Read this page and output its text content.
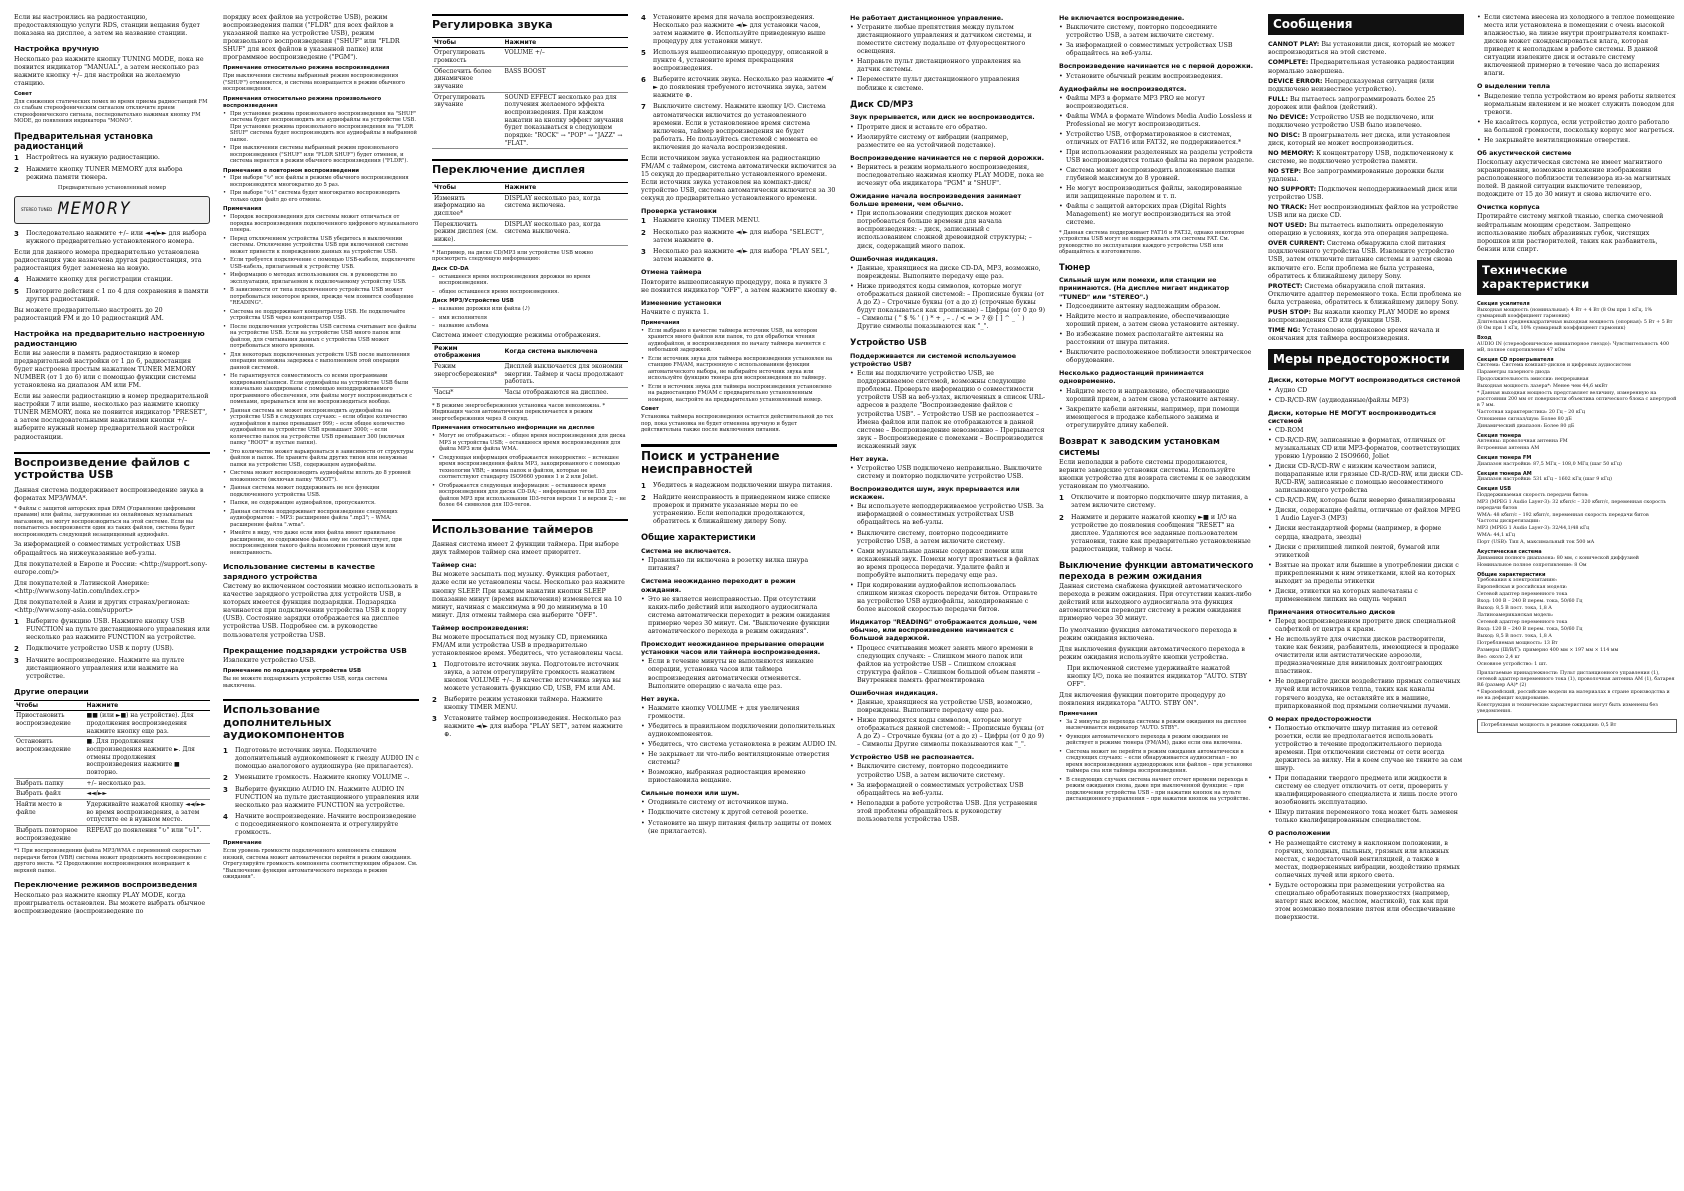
Если вы настроились на радиостанцию, предоставляющую услуги RDS, станции вещания будет показана на дисплее, а затем на название станции.

Настройка вручную

Несколько раз нажмите кнопку TUNING MODE, пока не появится индикатор "MANUAL", а затем несколько раз нажмите кнопку +/– для настройки на желаемую станцию.

Совет

Для снижения статических помех во время приема радиостанций FM со слабым стереофоническим сигналом отключите прием стереофонического сигнала, последовательно нажимая кнопку FM MODE, до появления индикатора "MONO".

Предварительная установка радиостанций
1	Настройтесь на нужную радиостанцию.
2	Нажмите кнопку TUNER MEMORY для выбора режима памяти тюнера.

Предварительно установленный номер

STEREO TUNED MEMORY
3	Последовательно нажмите +/– или ◄◄/►► для выбора нужного предварительно установленного номера.

Если для данного номера предварительно установлена радиостанция уже назначена другая радиостанция, эта радиостанция будет заменена на новую.

4	Нажмите кнопку для регистрации станции.
5	Повторите действия с 1 по 4 для сохранения в памяти других радиостанций.

Вы можете предварительно настроить до 20 радиостанций FM и до 10 радиостанций AM.

Настройка на предварительно настроенную радиостанцию

Если вы занесли в память радиостанцию в номер предварительной настройки от 1 до 6, радиостанция будет настроена простым нажатием TUNER MEMORY NUMBER (от 1 до 6) или с помощью функции системы установлена на диапазон AM или FM.

Если вы занесли радиостанцию в номер предварительной настройки 7 или выше, несколько раз нажмите кнопку TUNER MEMORY, пока не появится индикатор "PRESET", а затем последовательными нажатиями кнопки +/– выберите нужный номер предварительной настройки радиостанции.

Воспроизведение файлов с устройства USB

Данная система поддерживает воспроизведение звука в форматах MP3/WMA*.

* Файлы с защитой авторских прав DRM (Управление цифровыми правами) или файлы, загруженные из онлайновых музыкальных магазинов, не могут воспроизводиться на этой системе. Если вы попытаетесь воспроизвести один из таких файлов, система будет воспроизводить следующий незащищенный аудиофайл.

За информацией о совместимых устройствах USB обращайтесь на нижеуказанные веб-узлы.

Для покупателей в Европе и России: <http://support.sony-europe.com/>

Для покупателей в Латинской Америке: <http://www.sony-latin.com/index.crp>

Для покупателей в Азии и других странах/регионах: <http://www.sony-asia.com/support>

1	Выберите функцию USB. Нажмите кнопку USB FUNCTION на пульте дистанционного управления или несколько раз нажмите FUNCTION на устройстве.
2	Подключите устройство USB к порту (USB).
3	Начните воспроизведение. Нажмите на пульте дистанционного управления или нажмите на устройстве.
Другие операции
Чтобы	Нажмите
Приостановить воспроизведение	■■ (или ►■) на устройстве). Для продолжения воспроизведения нажмите кнопку еще раз.
Остановить воспроизведение	■. Для продолжения воспроизведения нажмите ►. Для отмены продолжения воспроизведения нажмите ■ повторно.
Выбрать папку	+/– несколько раз.
Выбрать файл	◄◄/►►
Найти место в файле	Удерживайте нажатой кнопку ◄◄/►► во время воспроизведения, а затем отпустите ее в нужном месте.
Выбрать повторное воспроизведение	REPEAT до появления "↻" или "↻1".

*1 При воспроизведении файла MP3/WMA с переменной скоростью передачи битов (VBR) система может продолжить воспроизведение с другого места. *2 Продолжение воспроизведения возвращает к верхней папке.

Переключение режимов воспроизведения

Несколько раз нажмите кнопку PLAY MODE, когда проигрыватель остановлен. Вы можете выбрать обычное воспроизведение (воспроизведение по

порядку всех файлов на устройстве USB), режим воспроизведения папки ("FLDR" для всех файлов в указанной папке на устройстве USB), режим произвольного воспроизведения ("SHUF" или "FLDR SHUF" для всех файлов в указанной папке) или программное воспроизведение ("PGM").

Примечание относительно режима воспроизведения

При выключении системы выбранный режим воспроизведения ("SHUF") отменяется, и система возвращается в режим обычного воспроизведения.

Примечания относительно режима произвольного воспроизведения
• При установке режима произвольного воспроизведения на "SHUF" система будет воспроизводить все аудиофайлы на устройстве USB. При установке режима произвольного воспроизведения на "FLDR SHUF" система будет воспроизводить все аудиофайлы в выбранной папке.
• При выключении системы выбранный режим произвольного воспроизведения ("SHUF" или "FLDR SHUF") будет отменен, и система вернется в режим обычного воспроизведения ("FLDR").
Примечания о повторном воспроизведении
• При выборе "↻" все файлы в режиме обычного воспроизведения воспроизводятся многократно до 5 раз.
• При выборе "↻1" система будет многократно воспроизводить только один файл до его отмены.
Примечания
• Порядок воспроизведения для системы может отличаться от порядка воспроизведения подключенного цифрового музыкального плеера.
• Перед отключением устройства USB убедитесь в выключении системы. Отключение устройства USB при включенной системе может привести к повреждению данных на устройстве USB.
• Если требуется подключение с помощью USB-кабеля, подключите USB-кабель, прилагаемый к устройству USB.
• Информацию о методах использования см. в руководстве по эксплуатации, прилагаемом к подключаемому устройству USB.
• В зависимости от типа подключенного устройства USB может потребоваться некоторое время, прежде чем появится сообщение "READING".
• Система не поддерживает концентратор USB. Не подключайте устройства USB через концентратор USB.
• После подключения устройства USB система считывает все файлы на устройстве USB. Если на устройстве USB много папок или файлов, для считывания данных с устройства USB может потребоваться много времени.
• Для некоторых подключенных устройств USB после выполнения операции возможна задержка с выполнением этой операции данной системой.
• Не гарантируется совместимость со всеми программами кодирования/записи. Если аудиофайлы на устройстве USB были изначально закодированы с помощью неподдерживаемого программного обеспечения, эти файлы могут воспроизводиться с помехами, прерываться или не воспроизводиться вообще.
• Данная система не может воспроизводить аудиофайлы на устройстве USB в следующих случаях: – если общее количество аудиофайлов в папке превышает 999; – если общее количество аудиофайлов на устройстве USB превышает 3000; – если количество папок на устройстве USB превышает 300 (включая папку "ROOT" и пустые папки).
• Это количество может варьироваться в зависимости от структуры файлов и папок. Не храните файлы других типов или ненужные папки на устройстве USB, содержащем аудиофайлы.
• Система может воспроизводить аудиофайлы вплоть до 8 уровней вложенности (включая папку "ROOT").
• Данная система может поддерживать не все функции подключенного устройства USB.
• Папки, не содержащие аудиофайлов, пропускаются.
• Данная система поддерживает воспроизведение следующих аудиоформатов: – MP3: расширение файла ".mp3"; – WMA: расширение файла ".wma".
• Имейте в виду, что даже если имя файла имеет правильное расширение, но содержимое файла ему не соответствует, при воспроизведении такого файла возможен громкий шум или неисправность.
Использование системы в качестве зарядного устройства

Систему во включенном состоянии можно использовать в качестве зарядного устройства для устройств USB, в которых имеется функция подзарядки. Подзарядка начинается при подключении устройства USB к порту (USB). Состояние зарядки отображается на дисплее устройства USB. Подробнее см. в руководстве пользователя устройства USB.

Прекращение подзарядки устройства USB

Извлеките устройство USB.

Примечание по подзарядке устройства USB

Вы не можете подзаряжать устройство USB, когда система выключена.

Использование дополнительных аудиокомпонентов
1	Подготовьте источник звука. Подключите дополнительный аудиокомпонент к гнезду AUDIO IN с помощью аналогового аудиошнура (не прилагается).
2	Уменьшите громкость. Нажмите кнопку VOLUME –.
3	Выберите функцию AUDIO IN. Нажмите AUDIO IN FUNCTION на пульте дистанционного управления или несколько раз нажмите FUNCTION на устройстве.
4	Начните воспроизведение. Начните воспроизведение с подсоединенного компонента и отрегулируйте громкость.
Примечание

Если уровень громкости подключенного компонента слишком низкий, система может автоматически перейти в режим ожидания. Отрегулируйте громкость компонента соответствующим образом. См. "Выключение функции автоматического перехода в режим ожидания".

Регулировка звука
Чтобы	Нажмите
Отрегулировать громкость	VOLUME +/–
Обеспечить более динамичное звучание	BASS BOOST
Отрегулировать звучание	SOUND EFFECT несколько раз для получения желаемого эффекта воспроизведения. При каждом нажатии на кнопку эффект звучания будет показываться в следующем порядке: "ROCK" → "POP" → "JAZZ" → "FLAT".
Переключение дисплея
Чтобы	Нажмите
Изменить информацию на дисплее*	DISPLAY несколько раз, когда система включена.
Переключить режим дисплея (см. ниже).	DISPLAY несколько раз, когда система выключена.

* Например, на диске CD/MP3 или устройстве USB можно просмотреть следующую информацию:

Диск CD-DA
– оставшееся время воспроизведения дорожки во время воспроизведения.
– общее оставшееся время воспроизведения.
Диск MP3/Устройство USB
– название дорожки или файла (♪)
– имя исполнителя
– название альбома

Система имеет следующие режимы отображения.

Режим отображения	Когда система выключена
Режим энергосбережения*	Дисплей выключается для экономии энергии. Таймер и часы продолжают работать.
Часы*	Часы отображаются на дисплее.

* В режиме энергосбережения установка часов невозможна. * Индикация часов автоматически переключается в режим энергосбережения через 8 секунд.

Примечания относительно информации на дисплее
• Могут не отображаться: – общее время воспроизведения для диска MP3 и устройства USB; – оставшееся время воспроизведения для файла MP3 или файла WMA.
• Следующая информация отображается некорректно: – истекшее время воспроизведения файла MP3, закодированного с помощью технологии VBR; – имена папок и файлов, которые не соответствуют стандарту ISO9660 уровня 1 и 2 или Joliet.
• Отображается следующая информация: – оставшееся время воспроизведения для диска CD-DA; – информация тегов ID3 для файлов MP3 при использовании ID3-тегов версии 1 и версии 2; – не более 64 символов для ID3-тегов.
Использование таймеров

Данная система имеет 2 функции таймера. При выборе двух таймеров таймер сна имеет приоритет.

Таймер сна:

Вы можете засыпать под музыку. Функция работает, даже если не установлены часы. Несколько раз нажмите кнопку SLEEP. При каждом нажатии кнопки SLEEP показание минут (время выключения) изменяется на 10 минут, начиная с максимума в 90 до минимума в 10 минут. Для отмены таймера сна выберите "OFF".

Таймер воспроизведения:

Вы можете просыпаться под музыку CD, приемника FM/AM или устройства USB в предварительно установленное время. Убедитесь, что установлены часы.

1	Подготовьте источник звука. Подготовьте источник звука, а затем отрегулируйте громкость нажатием кнопок VOLUME +/–. В качестве источника звука вы можете установить функцию CD, USB, FM или AM.
2	Выберите режим установки таймера. Нажмите кнопку TIMER MENU.
3	Установите таймер воспроизведения. Несколько раз нажмите ◄/► для выбора "PLAY SET", затем нажмите ⊕.
4	Установите время для начала воспроизведения. Несколько раз нажмите ◄/► для установки часов, затем нажмите ⊕. Используйте приведенную выше процедуру для установки минут.
5	Используя вышеописанную процедуру, описанной в пункте 4, установите время прекращения воспроизведения.
6	Выберите источник звука. Несколько раз нажмите ◄/► до появления требуемого источника звука, затем нажмите ⊕.
7	Выключите систему. Нажмите кнопку I/⏻. Система автоматически включится до установленного времени. Если в установленное время система включена, таймер воспроизведения не будет работать. Не пользуйтесь системой с момента ее включения до начала воспроизведения.

Если источником звука установлен на радиостанцию FM/AM с таймером, система автоматически включится за 15 секунд до предварительно установленного времени. Если источник звука установлен на компакт-диск/устройство USB, система автоматически включится за 30 секунд до предварительно установленного времени.

Проверка установки
1	Нажмите кнопку TIMER MENU.
2	Несколько раз нажмите ◄/► для выбора "SELECT", затем нажмите ⊕.
3	Несколько раз нажмите ◄/► для выбора "PLAY SEL", затем нажмите ⊕.
Отмена таймера

Повторите вышеописанную процедуру, пока в пункте 3 не появится индикатор "OFF", а затем нажмите кнопку ⊕.

Изменение установки

Начните с пункта 1.

Примечания
• Если выбрано в качестве таймера источник USB, на котором хранится много файлов или папок, то для обработки чтения аудиофайлов, и воспроизведения по началу таймера начнется с небольшой задержкой.
• Если источник звука для таймера воспроизведения установлен на станцию FM/AM, настроенную с использованием функции автоматического выбора, не выбирайте источник звука или используйте функцию тюнера для воспроизведения по таймеру.
• Если в источник звука для таймера воспроизведения установлено на радиостанцию FM/AM с предварительно установленным номером, настройте на предварительно установленный номер.
Совет

Установка таймера воспроизведения остается действительной до тех пор, пока установка не будет отменена вручную и будет действительна также после выключения питания.

Поиск и устранение неисправностей
1	Убедитесь в надежном подключении шнура питания.
2	Найдите неисправность в приведенном ниже списке проверок и примите указанные меры по ее устранению. Если неполадки продолжаются, обратитесь к ближайшему дилеру Sony.
Общие характеристики
Система не включается.
• Правильно ли включена в розетку вилка шнура питания?
Система неожиданно переходит в режим ожидания.
• Это не является неисправностью. При отсутствии каких-либо действий или выходного аудиосигнала система автоматически переходит в режим ожидания примерно через 30 минут. См. "Выключение функции автоматического перехода в режим ожидания".
Происходит неожиданное прерывание операции установки часов или таймера воспроизведения.
• Если в течение минуты не выполняются никакие операции, установка часов или таймера воспроизведения автоматически отменяется. Выполните операцию с начала еще раз.
Нет звука.
• Нажмите кнопку VOLUME + для увеличения громкости.
• Убедитесь в правильном подключении дополнительных аудиокомпонентов.
• Убедитесь, что система установлена в режим AUDIO IN.
• Не закрывает ли что-либо вентиляционные отверстия системы?
• Возможно, выбранная радиостанция временно приостановила вещание.
Сильные помехи или шум.
• Отодвиньте систему от источников шума.
• Подключите систему к другой сетевой розетке.
• Установите на шнур питания фильтр защиты от помех (не прилагается).
Не работает дистанционное управление.
• Устраните любые препятствия между пультом дистанционного управления и датчиком системы, и поместите систему подальше от флуоресцентного освещения.
• Направьте пульт дистанционного управления на датчик системы.
• Переместите пульт дистанционного управления поближе к системе.
Диск CD/MP3
Звук прерывается, или диск не воспроизводится.
• Протрите диск и вставьте его обратно.
• Изолируйте систему от вибрации (например, разместите ее на устойчивой подставке).
Воспроизведение начинается не с первой дорожки.
• Вернитесь в режим нормального воспроизведения, последовательно нажимая кнопку PLAY MODE, пока не исчезнут оба индикатора "PGM" и "SHUF".
Ожидание начала воспроизведения занимает больше времени, чем обычно.
• При использовании следующих дисков может потребоваться больше времени для начала воспроизведения: – диск, записанный с использованием сложной древовидной структуры; – диск, содержащий много папок.
Ошибочная индикация.
• Данные, хранящиеся на диске CD-DA, MP3, возможно, повреждены. Выполните передачу еще раз.
• Ниже приводятся коды символов, которые могут отображаться данной системой: – Прописные буквы (от A до Z) – Строчные буквы (от a до z) (строчные буквы будут показываться как прописные) – Цифры (от 0 до 9) – Символы ( " $ % ' ( ) * + , – . / < = > ? @ [ ] ^ _ ` ) Другие символы показываются как "_".
Устройство USB
Поддерживается ли системой используемое устройство USB?
• Если вы подключите устройство USB, не поддерживаемое системой, возможны следующие проблемы. Проверьте информацию о совместимости устройств USB на веб-узлах, включенных в список URL-адресов в разделе "Воспроизведение файлов с устройства USB". – Устройство USB не распознается – Имена файлов или папок не отображаются в данной системе – Воспроизведение невозможно – Прерывается звук – Воспроизведение с помехами – Воспроизводится искаженный звук
Нет звука.
• Устройство USB подключено неправильно. Выключите систему и повторно подключите устройство USB.
Воспроизводится шум, звук прерывается или искажен.
• Вы используете неподдерживаемое устройство USB. За информацией о совместимых устройствах USB обращайтесь на веб-узлы.
• Выключите систему, повторно подсоедините устройство USB, а затем включите систему.
• Сами музыкальные данные содержат помехи или искаженный звук. Помехи могут проявиться в файлах во время процесса передачи. Удалите файл и попробуйте выполнить передачу еще раз.
• При кодировании аудиофайлов использовалась слишком низкая скорость передачи битов. Отправьте на устройство USB аудиофайлы, закодированные с более высокой скоростью передачи битов.
Индикатор "READING" отображается дольше, чем обычно, или воспроизведение начинается с большой задержкой.
• Процесс считывания может занять много времени в следующих случаях: – Слишком много папок или файлов на устройстве USB – Слишком сложная структура файлов – Слишком большой объем памяти – Внутренняя память фрагментирована
Ошибочная индикация.
• Данные, хранящиеся на устройстве USB, возможно, повреждены. Выполните передачу еще раз.
• Ниже приводятся коды символов, которые могут отображаться данной системой: – Прописные буквы (от A до Z) – Строчные буквы (от a до z) – Цифры (от 0 до 9) – Символы Другие символы показываются как "_".
Устройство USB не распознается.
• Выключите систему, повторно подсоедините устройство USB, а затем включите систему.
• За информацией о совместимых устройствах USB обращайтесь на веб-узлы.
• Неполадки в работе устройства USB. Для устранения этой проблемы обращайтесь к руководству пользователя устройства USB.
Не включается воспроизведение.
• Выключите систему, повторно подсоедините устройство USB, а затем включите систему.
• За информацией о совместимых устройствах USB обращайтесь на веб-узлы.
Воспроизведение начинается не с первой дорожки.
• Установите обычный режим воспроизведения.
Аудиофайлы не воспроизводятся.
• Файлы MP3 в формате MP3 PRO не могут воспроизводиться.
• Файлы WMA в формате Windows Media Audio Lossless и Professional не могут воспроизводиться.
• Устройство USB, отформатированное в системах, отличных от FAT16 или FAT32, не поддерживается.*
• При использовании разделенных на разделы устройств USB воспроизводятся только файлы на первом разделе.
• Система может воспроизводить вложенные папки глубиной максимум до 8 уровней.
• Не могут воспроизводиться файлы, закодированные или защищенные паролем и т. п.
• Файлы с защитой авторских прав (Digital Rights Management) не могут воспроизводиться на этой системе.

* Данная система поддерживает FAT16 и FAT32, однако некоторые устройства USB могут не поддерживать эти системы FAT. См. руководство по эксплуатации каждого устройства USB или обращайтесь к изготовителю.

Тюнер
Сильный шум или помехи, или станции не принимаются. (На дисплее мигает индикатор "TUNED" или "STEREO".)
• Подсоедините антенну надлежащим образом.
• Найдите место и направление, обеспечивающие хороший прием, а затем снова установите антенну.
• Во избежание помех располагайте антенны на расстоянии от шнура питания.
• Выключите расположенное поблизости электрическое оборудование.
Несколько радиостанций принимается одновременно.
• Найдите место и направление, обеспечивающие хороший прием, а затем снова установите антенну.
• Закрепите кабели антенны, например, при помощи имеющегося в продаже кабельного зажима и отрегулируйте длину кабелей.
Возврат к заводским установкам системы

Если неполадки в работе системы продолжаются, верните заводские установки системы. Используйте кнопки устройства для возврата системы к ее заводским установкам по умолчанию.

1	Отключите и повторно подключите шнур питания, а затем включите систему.
2	Нажмите и держите нажатой кнопку ►■ и I/⏻ на устройстве до появления сообщения "RESET" на дисплее. Удаляются все заданные пользователем установки, такие как предварительно установленные радиостанции, таймер и часы.
Выключение функции автоматического перехода в режим ожидания

Данная система снабжена функцией автоматического перехода в режим ожидания. При отсутствии каких-либо действий или выходного аудиосигнала эта функция автоматически переводит систему в режим ожидания примерно через 30 минут.

По умолчанию функция автоматического перехода в режим ожидания включена.

Для выключения функции автоматического перехода в режим ожидания используйте кнопки устройства.

При включенной системе удерживайте нажатой кнопку I/⏻, пока не появится индикатор "AUTO. STBY OFF".

Для включения функции повторите процедуру до появления индикатора "AUTO. STBY ON".

Примечания
• За 2 минуты до перехода системы в режим ожидания на дисплее высвечивается индикатор "AUTO. STBY".
• Функция автоматического перехода в режим ожидания не действует в режиме тюнера (FM/AM), даже если она включена.
• Система может не перейти в режим ожидания автоматически в следующих случаях: – если обнаруживается аудиосигнал – во время воспроизведения аудиодорожек или файлов – при установке таймера сна или таймера воспроизведения.
• В следующих случаях система начнет отсчет времени перехода в режим ожидания снова, даже при выключенной функции: – при подключении устройства USB – при нажатии кнопок на пульте дистанционного управления – при нажатии кнопок на устройстве.
Сообщения

CANNOT PLAY: Вы установили диск, который не может воспроизводиться на этой системе.

COMPLETE: Предварительная установка радиостанции нормально завершена.

DEVICE ERROR: Непредсказуемая ситуация (или подключено неизвестное устройство).

FULL: Вы пытаетесь запрограммировать более 25 дорожек или файлов (действий).

No DEVICE: Устройство USB не подключено, или подключено устройство USB было извлечено.

NO DISC: В проигрыватель нет диска, или установлен диск, который не может воспроизводиться.

NO MEMORY: К концентратору USB, подключенному к системе, не подключено устройства памяти.

NO STEP: Все запрограммированные дорожки были удалены.

NO SUPPORT: Подключен неподдерживаемый диск или устройство USB.

NO TRACK: Нет воспроизводимых файлов на устройстве USB или на диске CD.

NOT USED: Вы пытаетесь выполнить определенную операцию в условиях, когда эта операция запрещена.

OVER CURRENT: Система обнаружила слой питания подключенного устройства USB. Извлеките устройство USB, затем отключите питание системы и затем снова включите его. Если проблема не была устранена, обратитесь к ближайшему дилеру Sony.

PROTECT: Система обнаружила слой питания. Отключите адаптер переменного тока. Если проблема не была устранена, обратитесь к ближайшему дилеру Sony.

PUSH STOP: Вы нажали кнопку PLAY MODE во время воспроизведения CD или функции USB.

TIME NG: Установлено одинаковое время начала и окончания для таймера воспроизведения.

Меры предосторожности
Диски, которые МОГУТ воспроизводиться системой
• Аудио CD
• CD-R/CD-RW (аудиоданные/файлы MP3)
Диски, которые НЕ МОГУТ воспроизводиться системой
• CD-ROM
• CD-R/CD-RW, записанные в форматах, отличных от музыкальных CD или MP3-форматов, соответствующих уровню 1/уровню 2 ISO9660, Joliet
• Диски CD-R/CD-RW с низким качеством записи, поцарапанные или грязные CD-R/CD-RW, или диски CD-R/CD-RW, записанные с помощью несовместимого записывающего устройства
• CD-R/CD-RW, которые были неверно финализированы
• Диски, содержащие файлы, отличные от файлов MPEG 1 Audio Layer-3 (MP3)
• Диски нестандартной формы (например, в форме сердца, квадрата, звезды)
• Диски с прилипшей липкой лентой, бумагой или этикеткой
• Взятые на прокат или бывшие в употреблении диски с прикрепленными к ним этикетками, клей на которых выходит за пределы этикетки
• Диски, этикетки на которых напечатаны с применением липких на ощупь чернил
Примечания относительно дисков
• Перед воспроизведением протрите диск специальной салфеткой от центра к краям.
• Не используйте для очистки дисков растворители, такие как бензин, разбавитель, имеющиеся в продаже очистители или антистатические аэрозоли, предназначенные для виниловых долгоиграющих пластинок.
• Не подвергайте диски воздействию прямых солнечных лучей или источников тепла, таких как каналы горячего воздуха, не оставляйте их в машине, припаркованной под прямыми солнечными лучами.
О мерах предосторожности
• Полностью отключите шнур питания из сетевой розетки, если не предполагается использовать устройство в течение продолжительного периода времени. При отключении системы от сети всегда держитесь за вилку. Ни в коем случае не тяните за сам шнур.
• При попадании твердого предмета или жидкости в систему ее следует отключить от сети, проверить у квалифицированного специалиста и лишь после этого возобновить эксплуатацию.
• Шнур питания переменного тока может быть заменен только квалифицированным специалистом.
О расположении
• Не размещайте систему в наклонном положении, в горячих, холодных, пыльных, грязных или влажных местах, с недостаточной вентиляцией, а также в местах, подверженных вибрации, воздействию прямых солнечных лучей или яркого света.
• Будьте осторожны при размещении устройства на специально обработанных поверхностях (например, натерт ных воском, маслом, мастикой), так как при этом возможно появление пятен или обесцвечивание поверхности.
• Если система внесена из холодного в теплое помещение места или установлена в помещении с очень высокой влажностью, на линзе внутри проигрывателя компакт-дисков может сконденсироваться влага, которая приведет к неполадкам в работе системы. В данной ситуации извлеките диск и оставьте систему включенной примерно в течение часа до испарения влаги.
О выделении тепла
• Выделение тепла устройством во время работы является нормальным явлением и не может служить поводом для тревоги.
• Не касайтесь корпуса, если устройство долго работало на большой громкости, поскольку корпус мог нагреться.
• Не закрывайте вентиляционные отверстия.
Об акустической системе

Поскольку акустическая система не имеет магнитного экранирования, возможно искажение изображения расположенного поблизости телевизора из-за магнитных полей. В данной ситуации выключите телевизор, подождите от 15 до 30 минут и снова включите его.

Очистка корпуса

Протирайте систему мягкой тканью, слегка смоченной нейтральным моющим средством. Запрещено использование любых абразивных губок, чистящих порошков или растворителей, таких как разбавитель, бензин или спирт.

Технические характеристики
Секция усилителя

Выходная мощность (номинальная): 4 Вт + 4 Вт (8 Ом при 1 кГц, 1% суммарный коэффициент гармоник)

Длительная среднеквадратичная выходная мощность (опорная): 5 Вт + 5 Вт (8 Ом при 1 кГц, 10% суммарный коэффициент гармоник)

Вход

AUDIO IN (стереофоническое миниатюрное гнездо): Чувствительность 400 мВ, полное сопротивление 47 кОм

Секция CD проигрывателя

Система: Система компакт-дисков и цифровых аудиосистем

Параметры лазерного диода

Продолжительность эмиссии: непрерывная

Выходная мощность лазера*: Менее чем 44,6 мкВт

* Данная выходная мощность представляет величину, измеренную на расстоянии 200 мм от поверхности объектива оптического блока с апертурой в 7 мм.

Частотная характеристика: 20 Гц – 20 кГц

Отношение сигнал/шум: Более 80 дБ

Динамический диапазон: Более 80 дБ

Секция тюнера

Антенны: проволочная антенна FM

Встроенная антенна AM

Секция тюнера FM

Диапазон настройки: 87,5 МГц – 108,0 МГц (шаг 50 кГц)

Секция тюнера AM

Диапазон настройки: 531 кГц – 1602 кГц (шаг 9 кГц)

Секция USB

Поддерживаемая скорость передачи битов:

MP3 (MPEG 1 Audio Layer-3): 32 кбит/с – 320 кбит/с, переменная скорость передачи битов

WMA: 48 кбит/с – 192 кбит/с, переменная скорость передачи битов

Частоты дискретизации:

MP3 (MPEG 1 Audio Layer-3): 32/44,1/48 кГц

WMA: 44,1 кГц

Порт (USB): Тип A, максимальный ток 500 мА

Акустическая система

Динамики полного диапазона: 80 мм, с конической диффузией

Номинальное полное сопротивление: 8 Ом

Общие характеристики

Требования к электропитанию:

Европейская и российская модели:

Сетевой адаптер переменного тока

Вход: 100 В – 240 В перем. тока, 50/60 Гц

Выход: 8,5 В пост. тока, 1,8 А

Латиноамериканская модель:

Сетевой адаптер переменного тока

Вход: 120 В – 240 В перем. тока, 50/60 Гц

Выход: 8,5 В пост. тока, 1,8 А

Потребляемая мощность: 13 Вт

Размеры (Ш/В/Г): примерно 400 мм × 197 мм × 114 мм

Вес: около 2,4 кг

Основное устройство: 1 шт.

Прилагаемые принадлежности: Пульт дистанционного управления (1), сетевой адаптер переменного тока (1), проволочная антенна AM (1), батарея R6 (размер AA)* (2)

* Европейский, российские модели на материалах в стране производства и не на дефицит кодирование.

Конструкция и технические характеристики могут быть изменены без уведомления.

Потребляемая мощность в режиме ожидания: 0,5 Вт
